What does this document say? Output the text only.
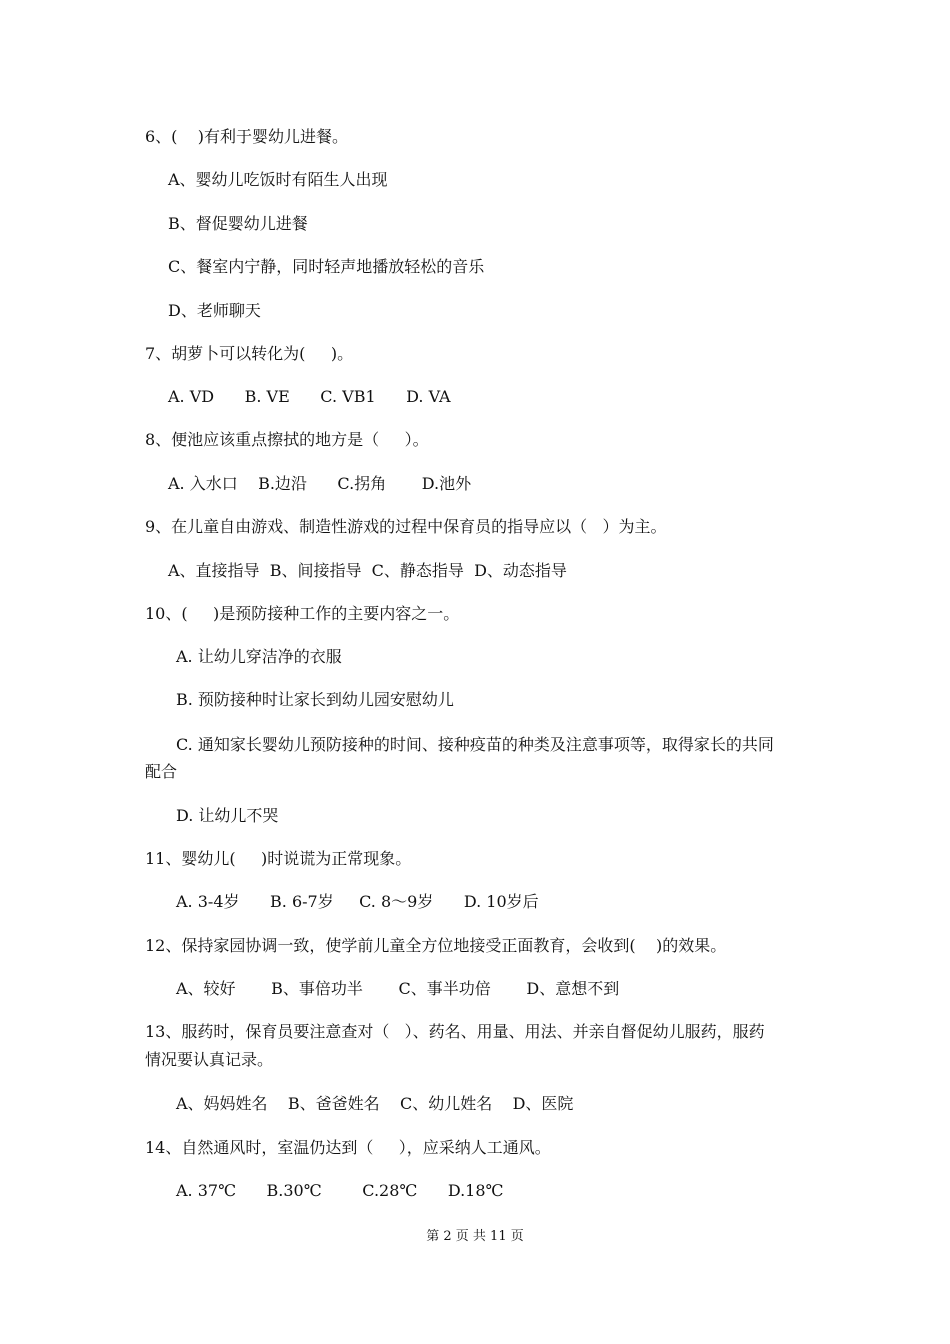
6、(    )有利于婴幼儿进餐。
A、婴幼儿吃饭时有陌生人出现
B、督促婴幼儿进餐
C、餐室内宁静，同时轻声地播放轻松的音乐
D、老师聊天
7、胡萝卜可以转化为(     )。
A. VD      B. VE      C. VB1      D. VA
8、便池应该重点擦拭的地方是（     ）。
A. 入水口    B.边沿      C.拐角       D.池外
9、在儿童自由游戏、制造性游戏的过程中保育员的指导应以（   ）为主。
A、直接指导  B、间接指导  C、静态指导  D、动态指导
10、(     )是预防接种工作的主要内容之一。
A. 让幼儿穿洁净的衣服
B. 预防接种时让家长到幼儿园安慰幼儿
C. 通知家长婴幼儿预防接种的时间、接种疫苗的种类及注意事项等，取得家长的共同
配合
D. 让幼儿不哭
11、婴幼儿(     )时说谎为正常现象。
A. 3-4岁      B. 6-7岁     C. 8～9岁      D. 10岁后
12、保持家园协调一致，使学前儿童全方位地接受正面教育，会收到(    )的效果。
A、较好       B、事倍功半       C、事半功倍       D、意想不到
13、服药时，保育员要注意查对（   ）、药名、用量、用法、并亲自督促幼儿服药，服药
情况要认真记录。
A、妈妈姓名    B、爸爸姓名    C、幼儿姓名    D、医院
14、自然通风时，室温仍达到（     ），应采纳人工通风。
A. 37℃      B.30℃        C.28℃      D.18℃
第 2 页 共 11 页
